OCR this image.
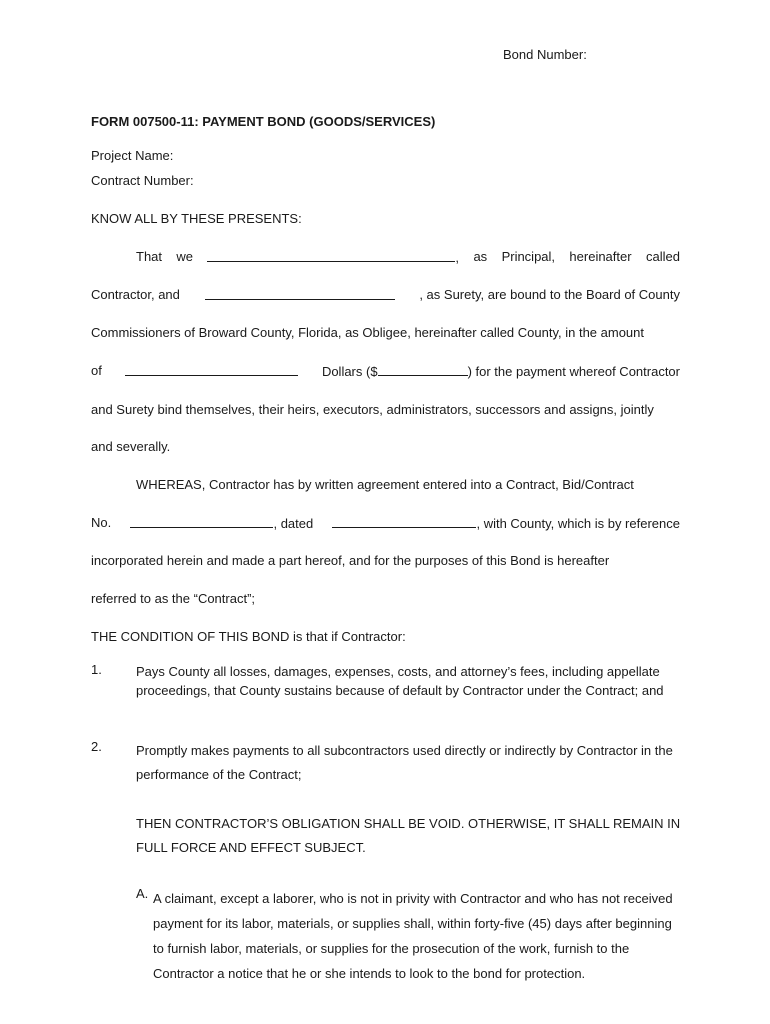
Bond Number:
FORM 007500-11: PAYMENT BOND (GOODS/SERVICES)
Project Name:
Contract Number:
KNOW ALL BY THESE PRESENTS:
That we	, as Principal, hereinafter called
Contractor, and	, as Surety, are bound to the Board of County
Commissioners of Broward County, Florida, as Obligee, hereinafter called County, in the amount
of	Dollars ($	) for the payment whereof Contractor
and Surety bind themselves, their heirs, executors, administrators, successors and assigns, jointly
and severally.
WHEREAS, Contractor has by written agreement entered into a Contract, Bid/Contract
No.	, dated	, with County, which is by reference
incorporated herein and made a part hereof, and for the purposes of this Bond is hereafter
referred to as the “Contract”;
THE CONDITION OF THIS BOND is that if Contractor:
1.	Pays County all losses, damages, expenses, costs, and attorney’s fees, including appellate proceedings, that County sustains because of default by Contractor under the Contract; and
2.	Promptly makes payments to all subcontractors used directly or indirectly by Contractor in the performance of the Contract;
THEN CONTRACTOR’S OBLIGATION SHALL BE VOID. OTHERWISE, IT SHALL REMAIN IN FULL FORCE AND EFFECT SUBJECT.
A. A claimant, except a laborer, who is not in privity with Contractor and who has not received payment for its labor, materials, or supplies shall, within forty-five (45) days after beginning to furnish labor, materials, or supplies for the prosecution of the work, furnish to the Contractor a notice that he or she intends to look to the bond for protection.
